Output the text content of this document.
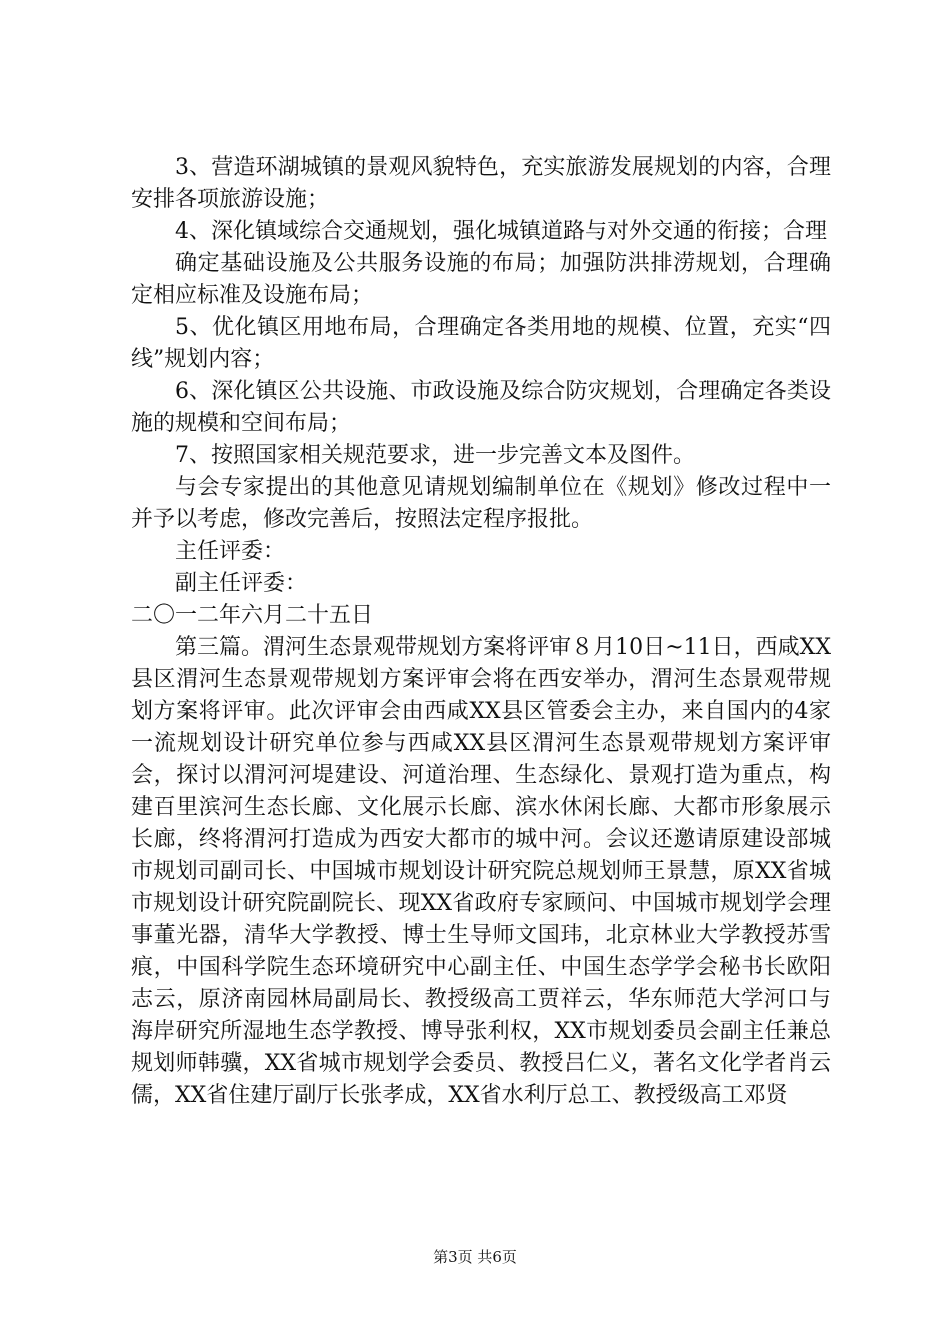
3、营造环湖城镇的景观风貌特色，充实旅游发展规划的内容，合理安排各项旅游设施；

4、深化镇域综合交通规划，强化城镇道路与对外交通的衔接；合理

确定基础设施及公共服务设施的布局；加强防洪排涝规划，合理确定相应标准及设施布局；

5、优化镇区用地布局，合理确定各类用地的规模、位置，充实“四线”规划内容；

6、深化镇区公共设施、市政设施及综合防灾规划，合理确定各类设施的规模和空间布局；

7、按照国家相关规范要求，进一步完善文本及图件。

与会专家提出的其他意见请规划编制单位在《规划》修改过程中一并予以考虑，修改完善后，按照法定程序报批。

主任评委：

副主任评委：

二〇一二年六月二十五日

第三篇。渭河生态景观带规划方案将评审８月10日~11日，西咸XX县区渭河生态景观带规划方案评审会将在西安举办，渭河生态景观带规划方案将评审。此次评审会由西咸XX县区管委会主办，来自国内的4家一流规划设计研究单位参与西咸XX县区渭河生态景观带规划方案评审会，探讨以渭河河堤建设、河道治理、生态绿化、景观打造为重点，构建百里滨河生态长廊、文化展示长廊、滨水休闲长廊、大都市形象展示长廊，终将渭河打造成为西安大都市的城中河。会议还邀请原建设部城市规划司副司长、中国城市规划设计研究院总规划师王景慧，原XX省城市规划设计研究院副院长、现XX省政府专家顾问、中国城市规划学会理事董光器，清华大学教授、博士生导师文国玮，北京林业大学教授苏雪痕，中国科学院生态环境研究中心副主任、中国生态学学会秘书长欧阳志云，原济南园林局副局长、教授级高工贾祥云，华东师范大学河口与海岸研究所湿地生态学教授、博导张利权，XX市规划委员会副主任兼总规划师韩骥，XX省城市规划学会委员、教授吕仁义，著名文化学者肖云儒，XX省住建厅副厅长张孝成，XX省水利厅总工、教授级高工邓贤

第3页 共6页
